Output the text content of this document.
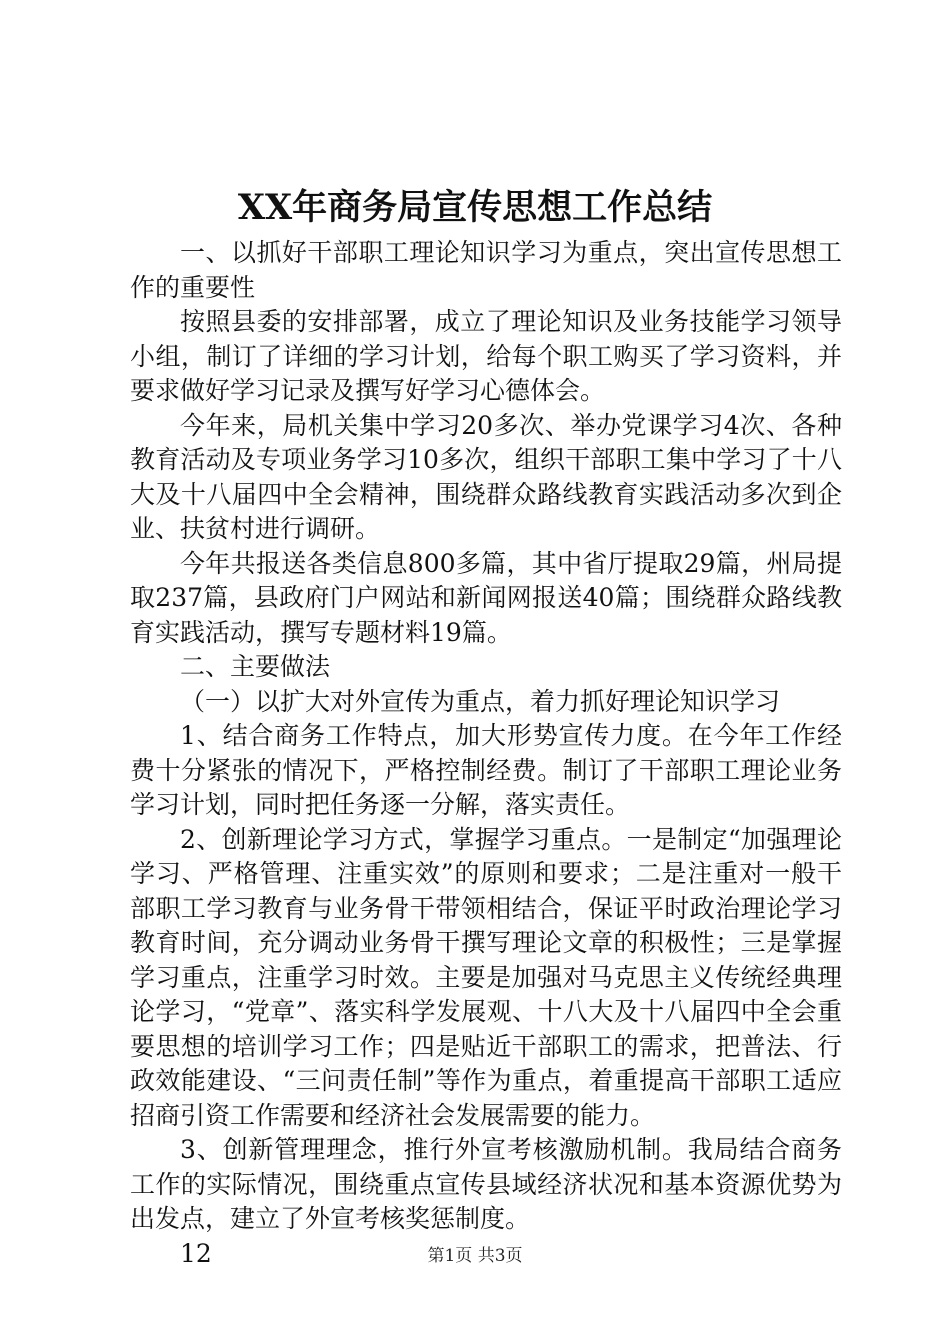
XX年商务局宣传思想工作总结

一、以抓好干部职工理论知识学习为重点，突出宣传思想工作的重要性

按照县委的安排部署，成立了理论知识及业务技能学习领导小组，制订了详细的学习计划，给每个职工购买了学习资料，并要求做好学习记录及撰写好学习心德体会。

今年来，局机关集中学习20多次、举办党课学习4次、各种教育活动及专项业务学习10多次，组织干部职工集中学习了十八大及十八届四中全会精神，围绕群众路线教育实践活动多次到企业、扶贫村进行调研。

今年共报送各类信息800多篇，其中省厅提取29篇，州局提取237篇，县政府门户网站和新闻网报送40篇；围绕群众路线教育实践活动，撰写专题材料19篇。

二、主要做法

（一）以扩大对外宣传为重点，着力抓好理论知识学习

1、结合商务工作特点，加大形势宣传力度。在今年工作经费十分紧张的情况下，严格控制经费。制订了干部职工理论业务学习计划，同时把任务逐一分解，落实责任。

2、创新理论学习方式，掌握学习重点。一是制定“加强理论学习、严格管理、注重实效”的原则和要求；二是注重对一般干部职工学习教育与业务骨干带领相结合，保证平时政治理论学习教育时间，充分调动业务骨干撰写理论文章的积极性；三是掌握学习重点，注重学习时效。主要是加强对马克思主义传统经典理论学习，“党章”、落实科学发展观、十八大及十八届四中全会重要思想的培训学习工作；四是贴近干部职工的需求，把普法、行政效能建设、“三问责任制”等作为重点，着重提高干部职工适应招商引资工作需要和经济社会发展需要的能力。

3、创新管理理念，推行外宣考核激励机制。我局结合商务工作的实际情况，围绕重点宣传县域经济状况和基本资源优势为出发点，建立了外宣考核奖惩制度。

12	第1页 共3页
